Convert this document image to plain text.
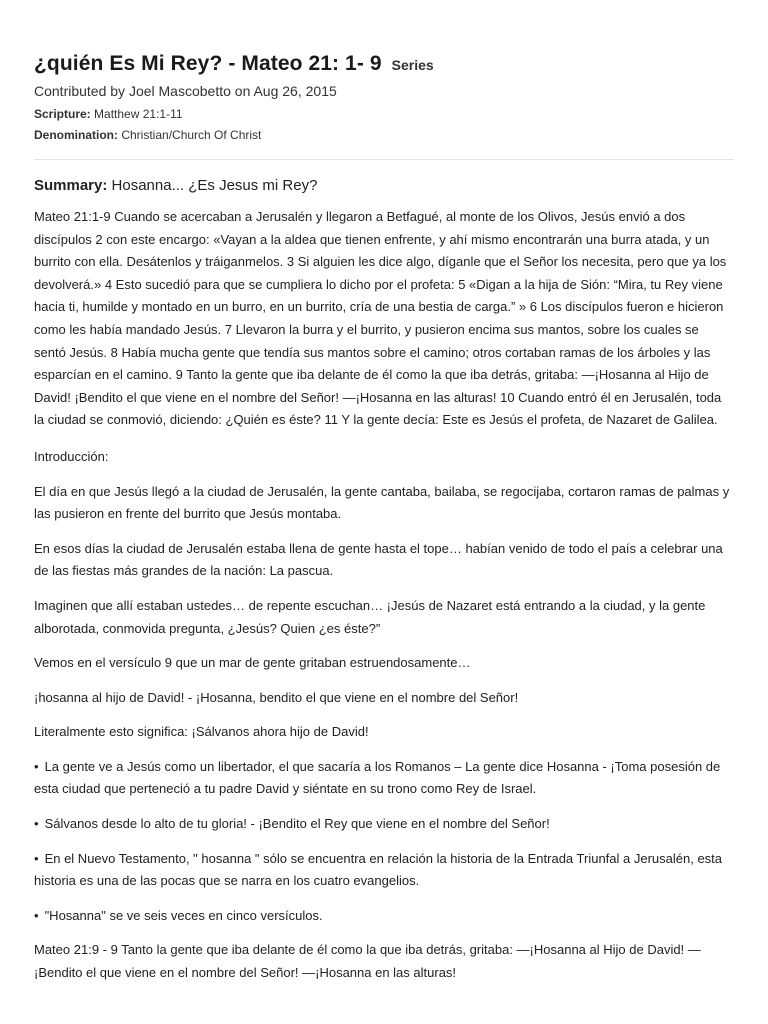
¿quién Es Mi Rey? - Mateo 21: 1- 9 Series

Contributed by Joel Mascobetto on Aug 26, 2015

Scripture: Matthew 21:1-11

Denomination: Christian/Church Of Christ

Summary: Hosanna... ¿Es Jesus mi Rey?

Mateo 21:1-9 Cuando se acercaban a Jerusalén y llegaron a Betfagué, al monte de los Olivos, Jesús envió a dos discípulos 2 con este encargo: «Vayan a la aldea que tienen enfrente, y ahí mismo encontrarán una burra atada, y un burrito con ella. Desátenlos y tráiganmelos. 3 Si alguien les dice algo, díganle que el Señor los necesita, pero que ya los devolverá.» 4 Esto sucedió para que se cumpliera lo dicho por el profeta: 5 «Digan a la hija de Sión: “Mira, tu Rey viene hacia ti, humilde y montado en un burro, en un burrito, cría de una bestia de carga.” » 6 Los discípulos fueron e hicieron como les había mandado Jesús. 7 Llevaron la burra y el burrito, y pusieron encima sus mantos, sobre los cuales se sentó Jesús. 8 Había mucha gente que tendía sus mantos sobre el camino; otros cortaban ramas de los árboles y las esparcían en el camino. 9 Tanto la gente que iba delante de él como la que iba detrás, gritaba: —¡Hosanna al Hijo de David! ¡Bendito el que viene en el nombre del Señor! —¡Hosanna en las alturas! 10 Cuando entró él en Jerusalén, toda la ciudad se conmovió, diciendo: ¿Quién es éste? 11 Y la gente decía: Este es Jesús el profeta, de Nazaret de Galilea.

Introducción:

El día en que Jesús llegó a la ciudad de Jerusalén, la gente cantaba, bailaba, se regocijaba, cortaron ramas de palmas y las pusieron en frente del burrito que Jesús montaba.

En esos días la ciudad de Jerusalén estaba llena de gente hasta el tope… habían venido de todo el país a celebrar una de las fiestas más grandes de la nación: La pascua.

Imaginen que allí estaban ustedes… de repente escuchan… ¡Jesús de Nazaret está entrando a la ciudad, y la gente alborotada, conmovida pregunta, ¿Jesús? Quien ¿es éste?”

Vemos en el versículo 9 que un mar de gente gritaban estruendosamente…

¡hosanna al hijo de David! - ¡Hosanna, bendito el que viene en el nombre del Señor!

Literalmente esto significa: ¡Sálvanos ahora hijo de David!

• La gente ve a Jesús como un libertador, el que sacaría a los Romanos – La gente dice Hosanna - ¡Toma posesión de esta ciudad que perteneció a tu padre David y siéntate en su trono como Rey de Israel.

• Sálvanos desde lo alto de tu gloria! - ¡Bendito el Rey que viene en el nombre del Señor!

• En el Nuevo Testamento, " hosanna " sólo se encuentra en relación la historia de la Entrada Triunfal a Jerusalén, esta historia es una de las pocas que se narra en los cuatro evangelios.

• "Hosanna" se ve seis veces en cinco versículos.

Mateo 21:9 - 9 Tanto la gente que iba delante de él como la que iba detrás, gritaba: —¡Hosanna al Hijo de David! —¡Bendito el que viene en el nombre del Señor! —¡Hosanna en las alturas!
